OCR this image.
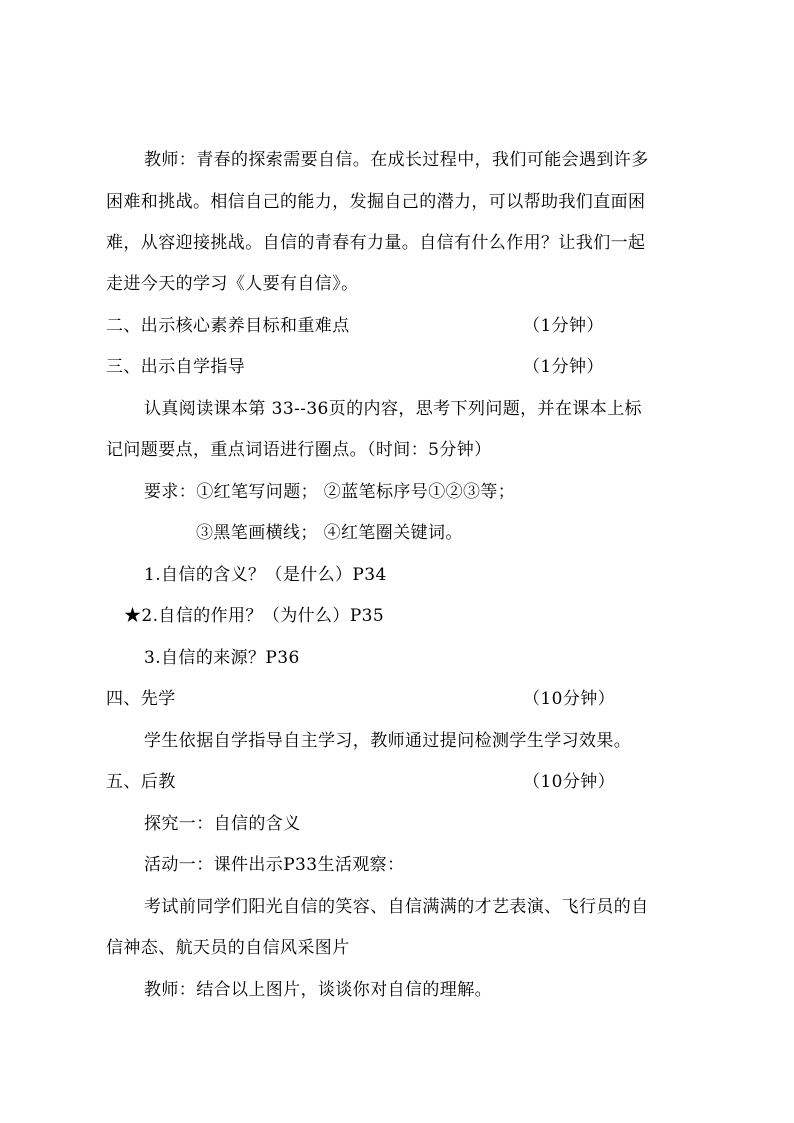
教师：青春的探索需要自信。在成长过程中，我们可能会遇到许多
困难和挑战。相信自己的能力，发掘自己的潜力，可以帮助我们直面困
难，从容迎接挑战。自信的青春有力量。自信有什么作用？让我们一起
走进今天的学习《人要有自信》。
二、出示核心素养目标和重难点	（1分钟）
三、出示自学指导	（1分钟）
认真阅读课本第 33--36页的内容，思考下列问题，并在课本上标
记问题要点，重点词语进行圈点。（时间：5分钟）
要求：①红笔写问题； ②蓝笔标序号①②③等；
③黑笔画横线； ④红笔圈关键词。
1.自信的含义？（是什么）P34
★2.自信的作用？（为什么）P35
3.自信的来源？P36
四、先学	（10分钟）
学生依据自学指导自主学习，教师通过提问检测学生学习效果。
五、后教	（10分钟）
探究一：自信的含义
活动一：课件出示P33生活观察：
考试前同学们阳光自信的笑容、自信满满的才艺表演、飞行员的自
信神态、航天员的自信风采图片
教师：结合以上图片，谈谈你对自信的理解。
